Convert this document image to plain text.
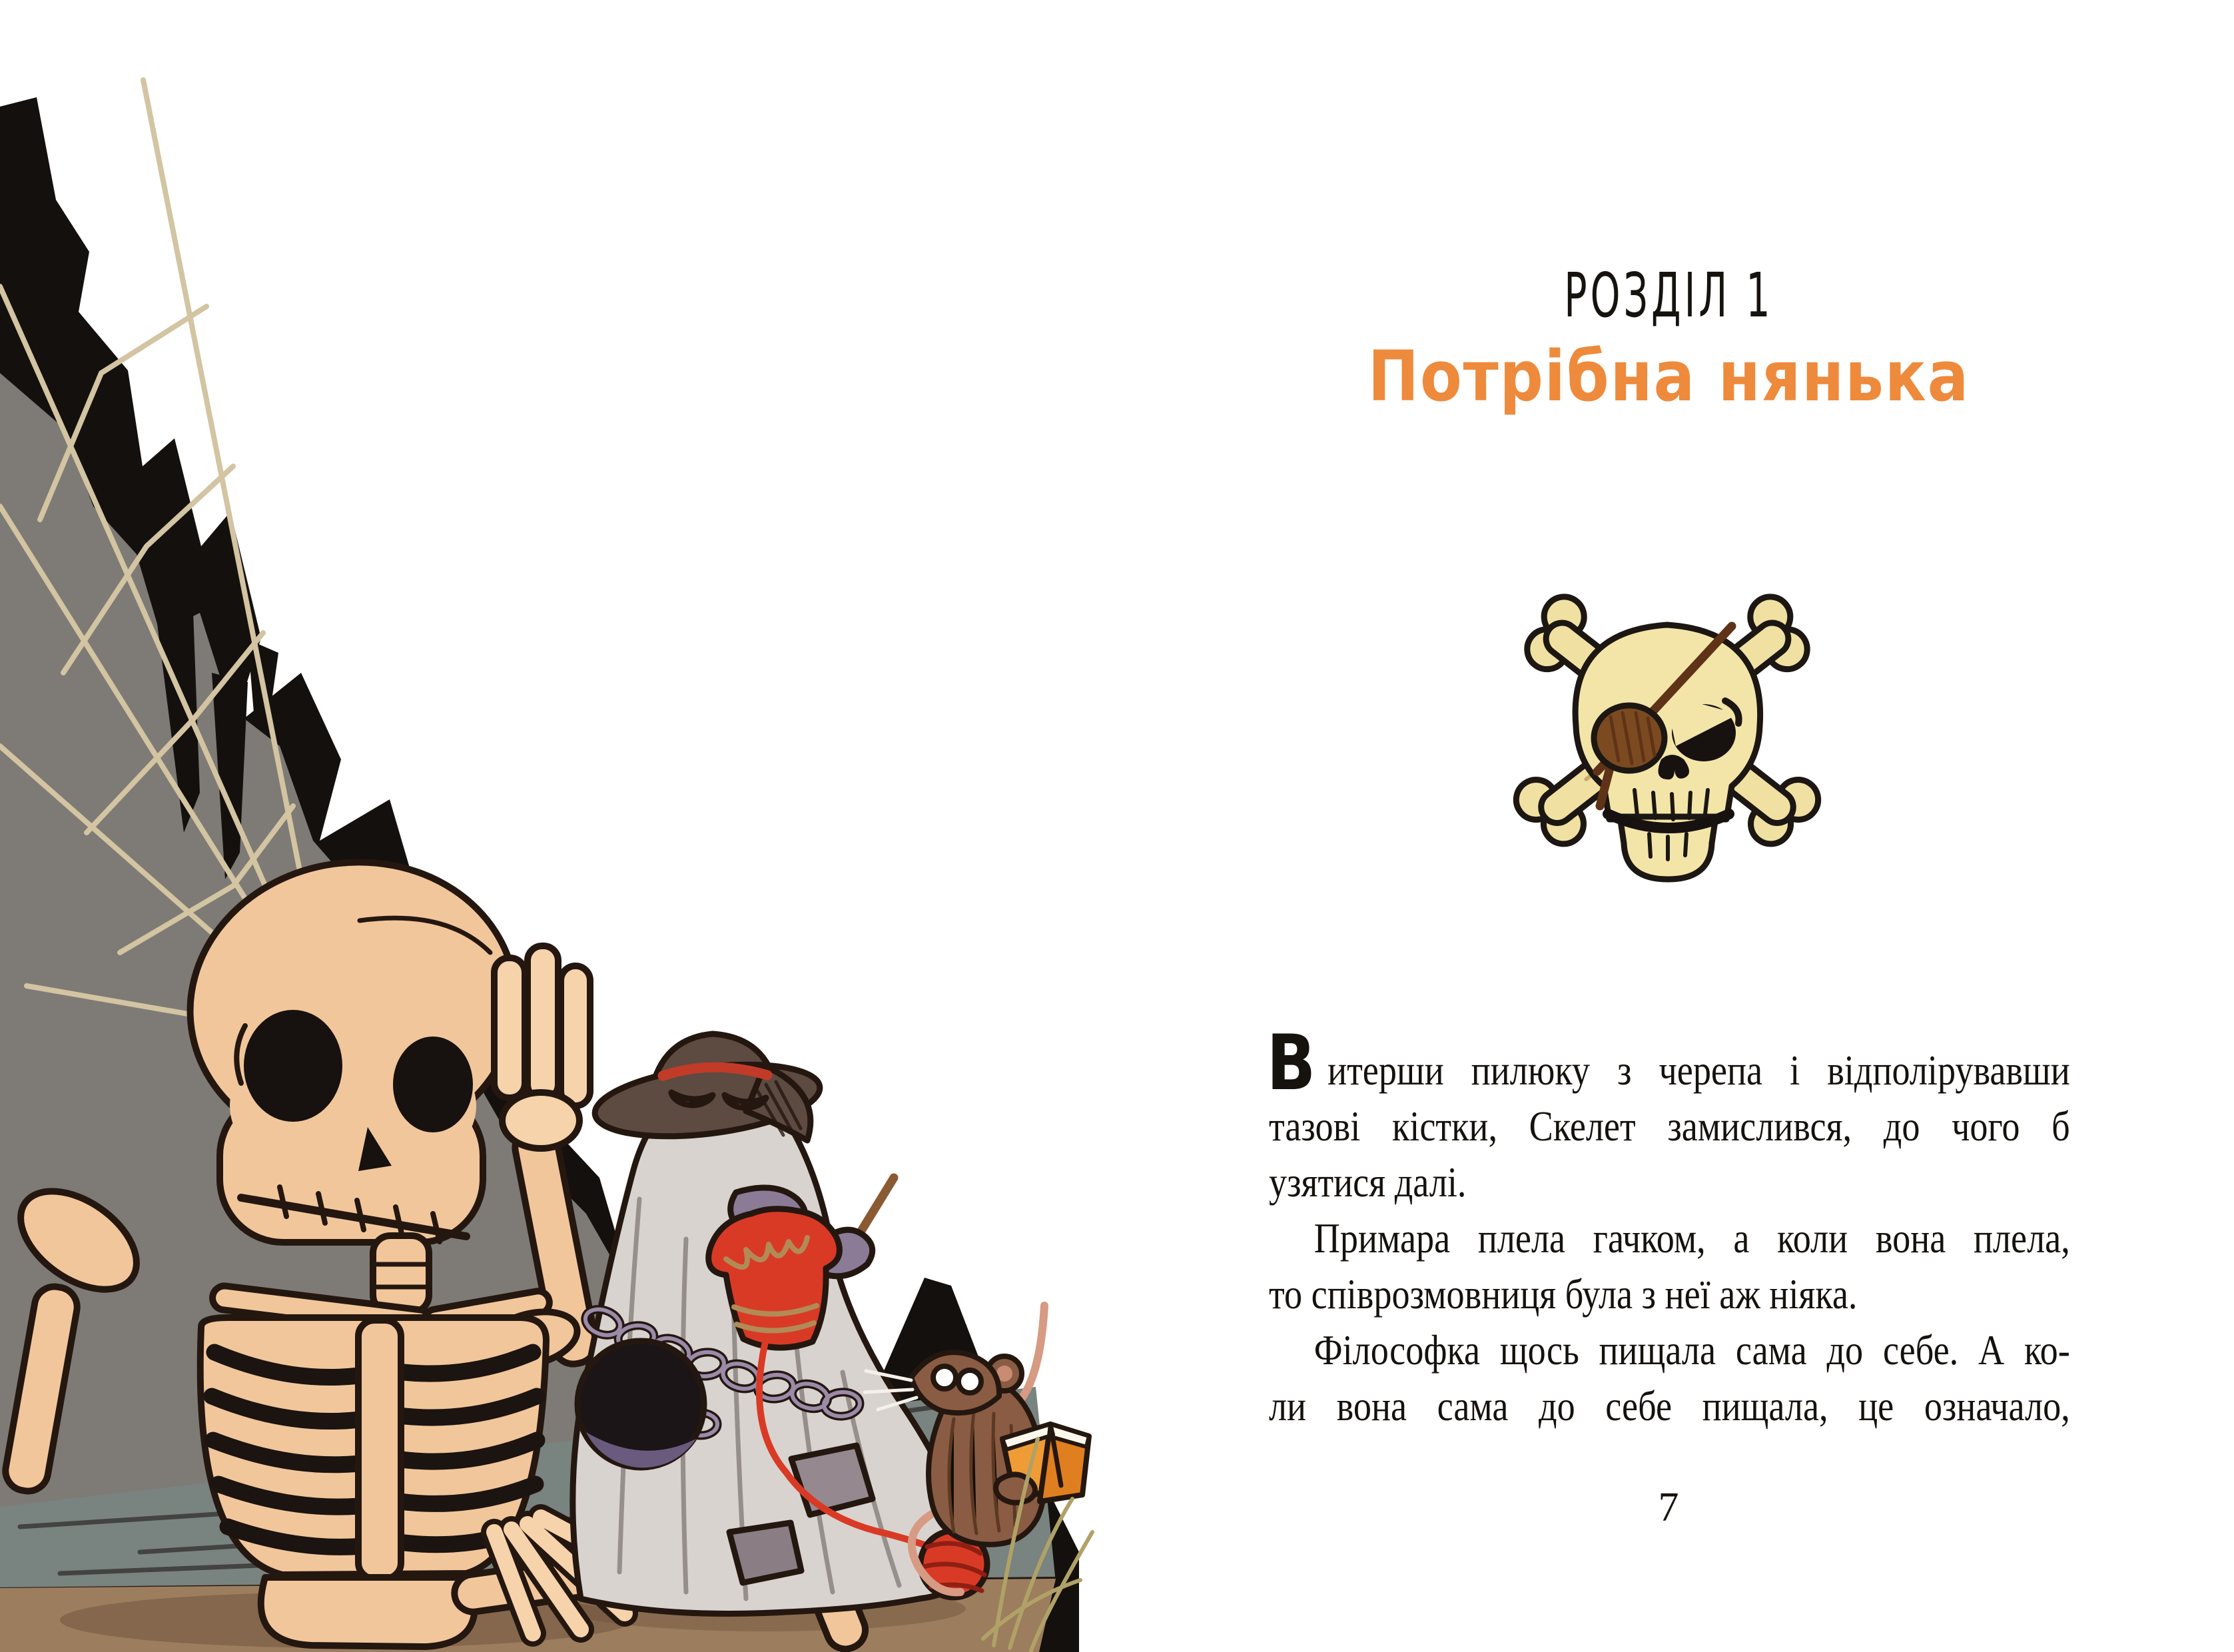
РОЗДІЛ 1
Потрібна нянька
В итерши пилюку з черепа і відполірувавши
тазові кістки, Скелет замислився, до чого б
узятися далі.
Примара плела гачком, а коли вона плела,
то співрозмовниця була з неї аж ніяка.
Філософка щось пищала сама до себе. А ко-
ли вона сама до себе пищала, це означало,
7
